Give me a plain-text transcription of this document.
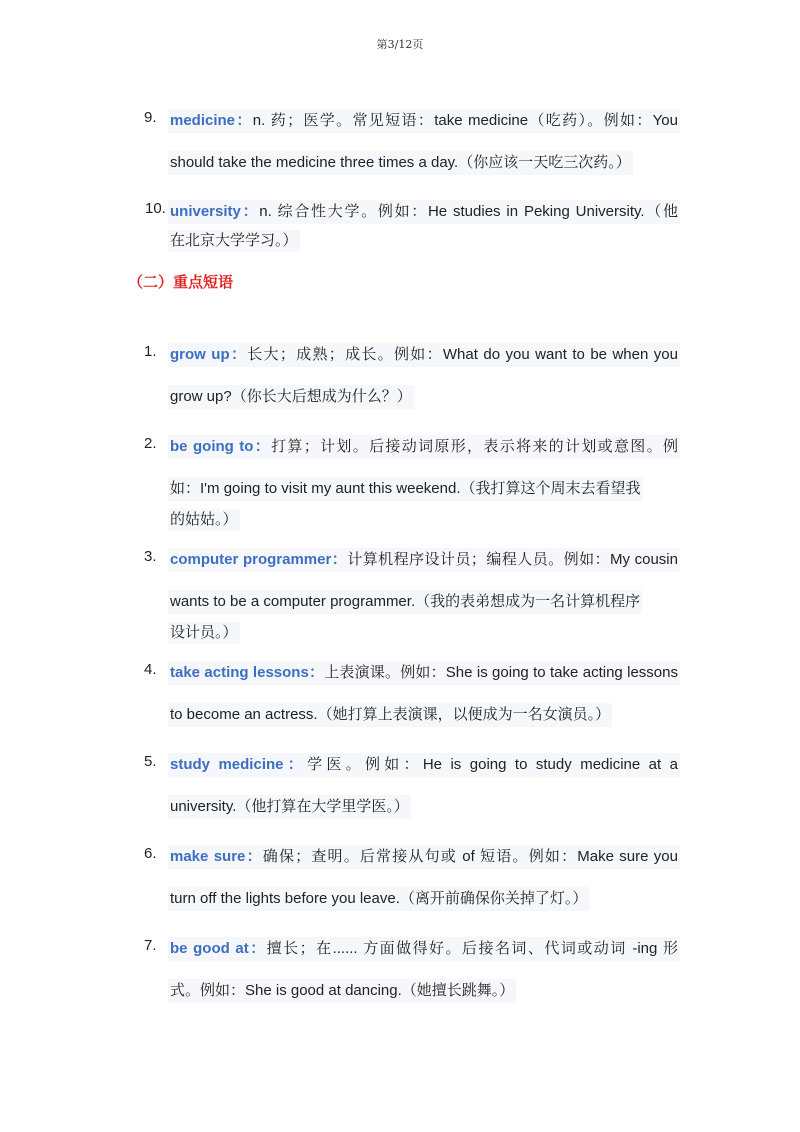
第3/12页
9. medicine：n. 药；医学。常见短语：take medicine（吃药）。例如：You
should take the medicine three times a day.（你应该一天吃三次药。）
10. university：n. 综合性大学。例如：He studies in Peking University.（他
在北京大学学习。）
（二）重点短语
1. grow up：长大；成熟；成长。例如：What do you want to be when you
grow up?（你长大后想成为什么？）
2. be going to：打算；计划。后接动词原形，表示将来的计划或意图。例
如：I'm going to visit my aunt this weekend.（我打算这个周末去看望我 的姑姑。）
3. computer programmer：计算机程序设计员；编程人员。例如：My cousin
wants to be a computer programmer.（我的表弟想成为一名计算机程序 设计员。）
4. take acting lessons：上表演课。例如：She is going to take acting lessons
to become an actress.（她打算上表演课，以便成为一名女演员。）
5. study medicine：学医。例如：He is going to study medicine at a
university.（他打算在大学里学医。）
6. make sure：确保；查明。后常接从句或 of 短语。例如：Make sure you
turn off the lights before you leave.（离开前确保你关掉了灯。）
7. be good at：擅长；在...... 方面做得好。后接名词、代词或动词 -ing 形
式。例如：She is good at dancing.（她擅长跳舞。）
